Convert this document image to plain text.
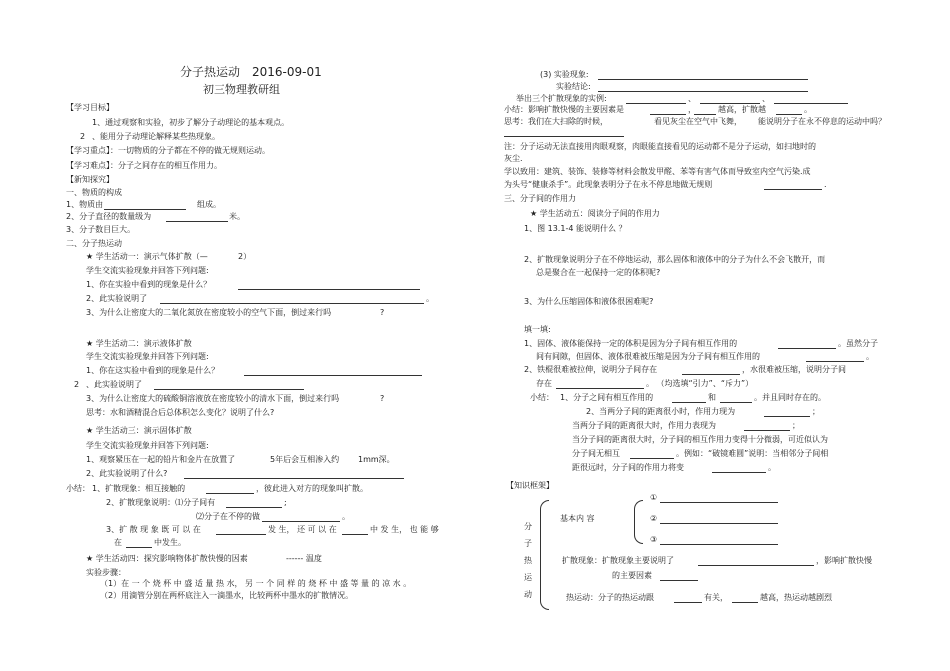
分子热运动 2016-09-01
初三物理教研组
【学习目标】
1、通过观察和实验，初步了解分子动理论的基本观点。
2 、能用分子动理论解释某些热现象。
【学习重点】：一切物质的分子都在不停的做无规则运动。
【学习难点】：分子之间存在的相互作用力。
【新知探究】
一、物质的构成
1、物质由	组成。
2、分子直径的数量级为	米。
3、分子数目巨大。
二、分子热运动
★ 学生活动一：演示气体扩散（—	2）
学生交流实验现象并回答下列问题:
1、你在实验中看到的现象是什么？
2、此实验说明了	。
3、为什么让密度大的二氧化氮放在密度较小的空气下面，倒过来行吗	?
★ 学生活动二：演示液体扩散
学生交流实验现象并回答下列问题:
1、你在这实验中看到的现象是什么？
2 、此实验说明了
3、为什么让密度大的硫酸铜溶液放在密度较小的清水下面，倒过来行吗	?
思考：水和酒精混合后总体积怎么变化？说明了什么?
★ 学生活动三：演示固体扩散
学生交流实验现象并回答下列问题:
1、观察紧压在一起的铅片和金片在放置了	5年后会互相渗入约 1mm深。
2、此实验说明了什么?
小结： 1、扩散现象：相互接触的	，彼此进入对方的现象叫扩散。
2、扩散现象说明：⑴分子间有	;
⑵分子在不停的做	。
3、扩 散 现 象 既 可 以 在	发 生， 还 可 以 在	中 发 生， 也 能 够
在	中发生。
★ 学生活动四：探究影响物体扩散快慢的因素	------ 温度
实验步骤：
（1）在 一 个 烧 杯 中 盛 适 量 热 水， 另 一 个 同 样 的 烧 杯 中 盛 等 量 的 凉 水 。
（2）用滴管分别在两杯底注入一滴墨水，比较两杯中墨水的扩散情况。
(3) 实验现象:
实验结论:
举出三个扩散现象的实例:	、	、
小结：影响扩散快慢的主要因素是	，	越高，扩散越	。
思考：我们在大扫除的时候，	看见灰尘在空气中飞舞， 能说明分子在永不停息的运动中吗？
注：分子运动无法直接用肉眼观察，肉眼能直接看见的运动都不是分子运动，如扫地时的
灰尘.
学以致用：建筑、装饰、装修等材料会散发甲醛、苯等有害气体而导致室内空气污染.成
为头号“健康杀手”。此现象表明分子在永不停息地做无规则	.
三、分子间的作用力
★ 学生活动五：阅读分子间的作用力
1、图 13.1-4 能说明什么 ？
2、扩散现象说明分子在不停地运动，那么固体和液体中的分子为什么不会飞散开，而
总是聚合在一起保持一定的体积呢?
3、为什么压缩固体和液体很困难呢?
填一填:
1、固体、液体能保持一定的体积是因为分子间有相互作用的	。虽然分子
间有间隙，但固体、液体很难被压缩是因为分子间有相互作用的	。
2、铁棍很难被拉伸，说明分子间存在	，水很难被压缩，说明分子间
存在	。 （均选填“引力”、“斥力”）
小结： 1、分子之间有相互作用的	和	。并且同时存在的。
2、当两分子间的距离很小时，作用力现为	；
当两分子间的距离很大时，作用力表现为	；
当分子间的距离很大时，分子间的相互作用力变得十分微弱，可近似认为
分子间无相互	。例如：“破镜难圆”说明：当相邻分子间相
距很远时，分子间的作用力将变	。
【知识框架】
分
子
热
运
动
基本内 容
①
②
③
扩散现象：扩散现象主要说明了	，影响扩散快慢
的主要因素
热运动：分子的热运动跟	有关，	越高，热运动越剧烈
